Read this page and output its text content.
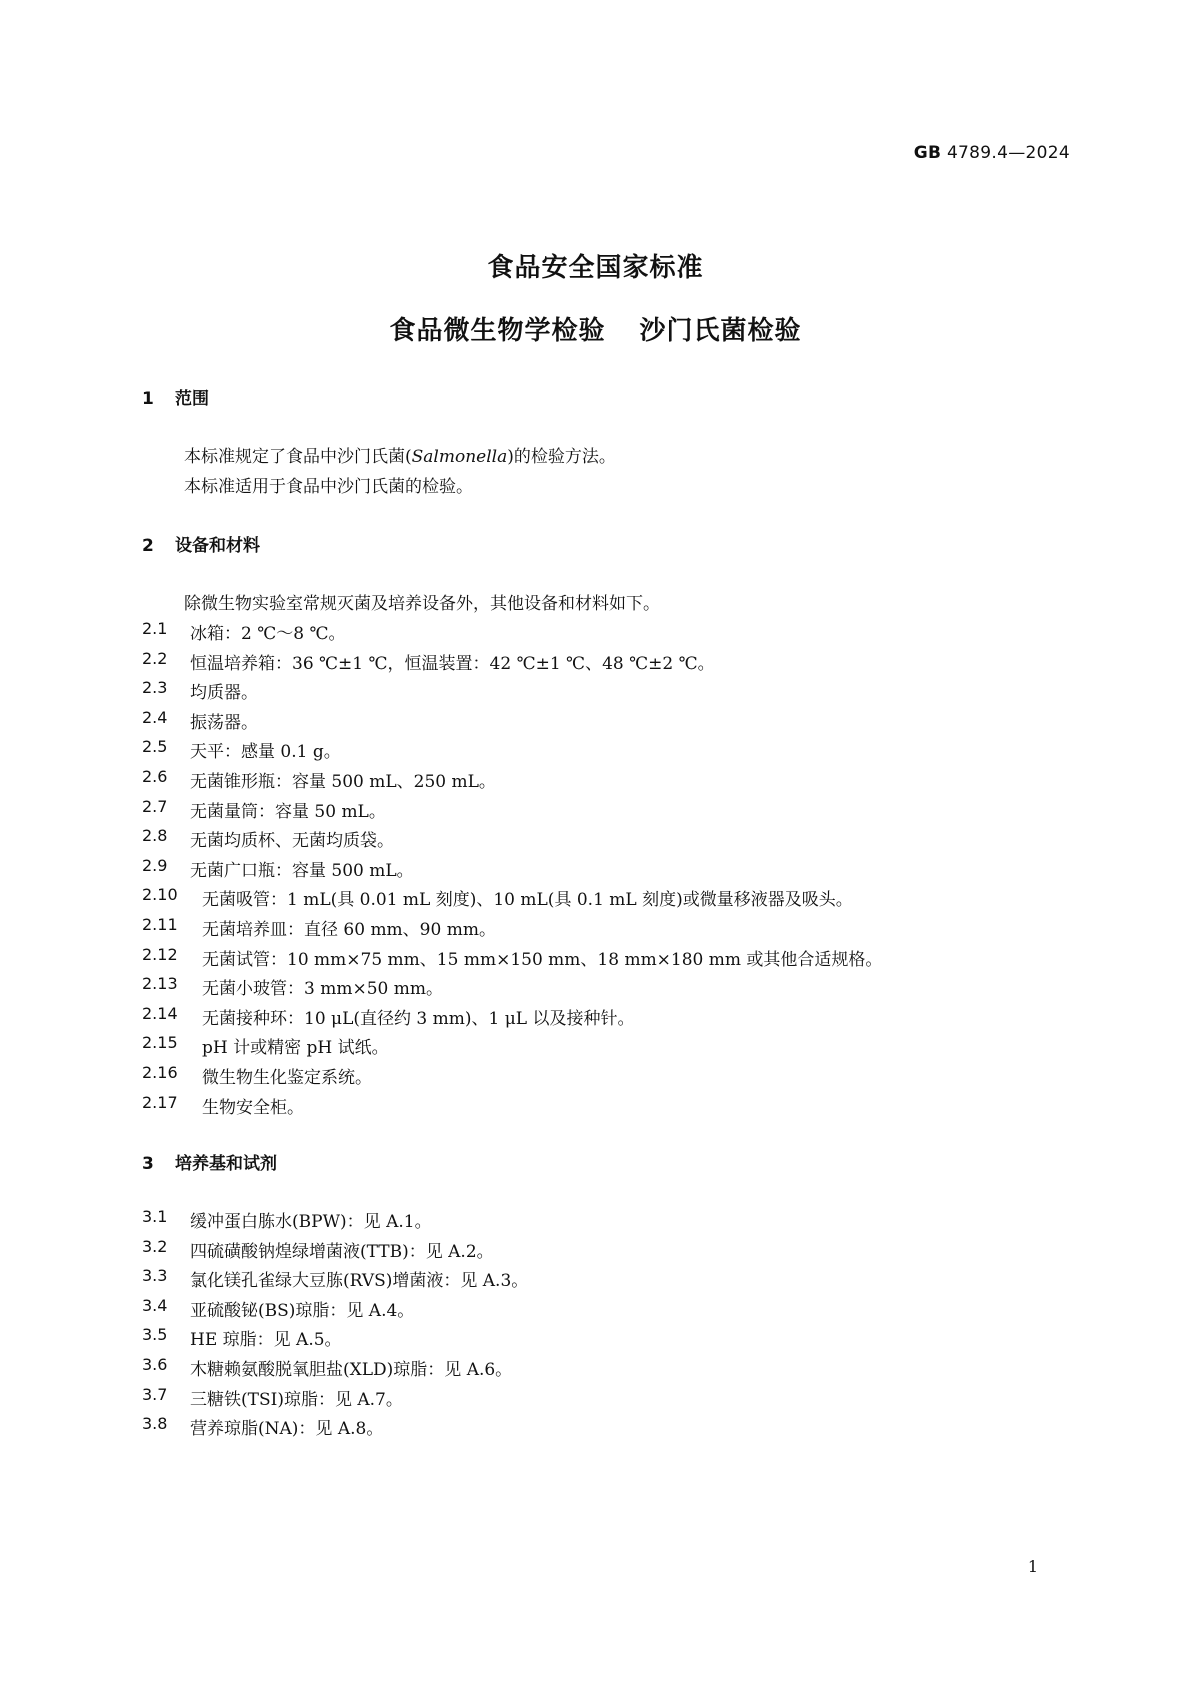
GB 4789.4—2024
食品安全国家标准
食品微生物学检验 沙门氏菌检验
1 范围
本标准规定了食品中沙门氏菌(Salmonella)的检验方法。
本标准适用于食品中沙门氏菌的检验。
2 设备和材料
除微生物实验室常规灭菌及培养设备外，其他设备和材料如下。
2.1 冰箱：2 ℃～8 ℃。
2.2 恒温培养箱：36 ℃±1 ℃，恒温装置：42 ℃±1 ℃、48 ℃±2 ℃。
2.3 均质器。
2.4 振荡器。
2.5 天平：感量 0.1 g。
2.6 无菌锥形瓶：容量 500 mL、250 mL。
2.7 无菌量筒：容量 50 mL。
2.8 无菌均质杯、无菌均质袋。
2.9 无菌广口瓶：容量 500 mL。
2.10 无菌吸管：1 mL(具 0.01 mL 刻度)、10 mL(具 0.1 mL 刻度)或微量移液器及吸头。
2.11 无菌培养皿：直径 60 mm、90 mm。
2.12 无菌试管：10 mm×75 mm、15 mm×150 mm、18 mm×180 mm 或其他合适规格。
2.13 无菌小玻管：3 mm×50 mm。
2.14 无菌接种环：10 μL(直径约 3 mm)、1 μL 以及接种针。
2.15 pH 计或精密 pH 试纸。
2.16 微生物生化鉴定系统。
2.17 生物安全柜。
3 培养基和试剂
3.1 缓冲蛋白胨水(BPW)：见 A.1。
3.2 四硫磺酸钠煌绿增菌液(TTB)：见 A.2。
3.3 氯化镁孔雀绿大豆胨(RVS)增菌液：见 A.3。
3.4 亚硫酸铋(BS)琼脂：见 A.4。
3.5 HE 琼脂：见 A.5。
3.6 木糖赖氨酸脱氧胆盐(XLD)琼脂：见 A.6。
3.7 三糖铁(TSI)琼脂：见 A.7。
3.8 营养琼脂(NA)：见 A.8。
1
